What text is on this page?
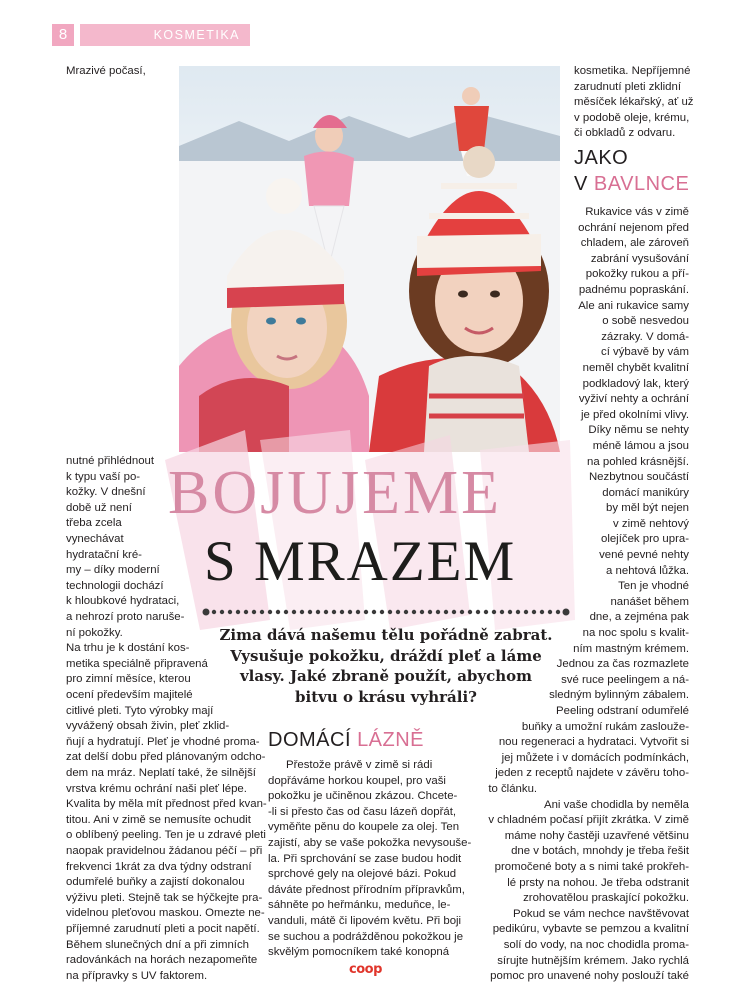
8	KOSMETIKA
BOJUJEME
S MRAZEM

Zima dává našemu tělu pořádně zabrat.

Vysušuje pokožku, dráždí pleť a láme

vlasy. Jaké zbraně použít, abychom

bitvu o krásu vyhráli?

Mrazivé počasí,

nutné přihlédnout

k typu vaší po-

kožky. V dnešní

době už není

třeba zcela

vynechávat

hydratační kré-

my – díky moderní

technologii dochází

k hloubkové hydrataci,

a nehrozí proto naruše-

ní pokožky.

Na trhu je k dostání kos-

metika speciálně připravená

pro zimní měsíce, kterou

ocení především majitelé

citlivé pleti. Tyto výrobky mají

vyvážený obsah živin, pleť zklid-

ňují a hydratují. Pleť je vhodné proma-

zat delší dobu před plánovaným odcho-

dem na mráz. Neplatí také, že silnější

vrstva krému ochrání naši pleť lépe.

Kvalita by měla mít přednost před kvan-

titou. Ani v zimě se nemusíte ochudit

o oblíbený peeling. Ten je u zdravé pleti

naopak pravidelnou žádanou péčí – při

frekvenci 1krát za dva týdny odstraní

odumřelé buňky a zajistí dokonalou

výživu pleti. Stejně tak se hýčkejte pra-

videlnou pleťovou maskou. Omezte ne-

příjemné zarudnutí pleti a pocit napětí.

Během slunečných dní a při zimních

radovánkách na horách nezapomeňte

na přípravky s UV faktorem.

DOMÁCÍ LÁZNĚ

Přestože právě v zimě si rádi

dopřáváme horkou koupel, pro vaši

pokožku je učiněnou zkázou. Chcete-

-li si přesto čas od času lázeň dopřát,

vyměňte pěnu do koupele za olej. Ten

zajistí, aby se vaše pokožka nevysouše-

la. Při sprchování se zase budou hodit

sprchové gely na olejové bázi. Pokud

dáváte přednost přírodním přípravkům,

sáhněte po heřmánku, meduňce, le-

vanduli, mátě či lipovém květu. Při boji

se suchou a podrážděnou pokožkou je

skvělým pomocníkem také konopná

kosmetika. Nepříjemné

zarudnutí pleti zklidní

měsíček lékařský, ať už

v podobě oleje, krému,

či obkladů z odvaru.

JAKO
V BAVLNCE

Rukavice vás v zimě

ochrání nejenom před

chladem, ale zároveň

zabrání vysušování

pokožky rukou a pří-

padnému popraskání.

Ale ani rukavice samy

o sobě nesvedou

zázraky. V domá-

cí výbavě by vám

neměl chybět kvalitní

podkladový lak, který

vyživí nehty a ochrání

je před okolními vlivy.

Díky němu se nehty

méně lámou a jsou

na pohled krásnější.

Nezbytnou součástí

domácí manikúry

by měl být nejen

v zimě nehtový

olejíček pro upra-

vené pevné nehty

a nehtová lůžka.

Ten je vhodné

nanášet během

dne, a zejména pak

na noc spolu s kvalit-

ním mastným krémem.

Jednou za čas rozmazlete

své ruce peelingem a ná-

sledným bylinným zábalem.

Peeling odstraní odumřelé

buňky a umožní rukám zaslouže-

nou regeneraci a hydrataci. Vytvořit si

jej můžete i v domácích podmínkách,

jeden z receptů najdete v závěru toho-

to článku.

Ani vaše chodidla by neměla

v chladném počasí přijít zkrátka. V zimě

máme nohy častěji uzavřené většinu

dne v botách, mnohdy je třeba řešit

promočené boty a s nimi také prokřeh-

lé prsty na nohou. Je třeba odstranit

zrohovatělou praskající pokožku.

Pokud se vám nechce navštěvovat

pedikúru, vybavte se pemzou a kvalitní

solí do vody, na noc chodidla proma-

sírujte hutnějším krémem. Jako rychlá

pomoc pro unavené nohy poslouží také

coop
